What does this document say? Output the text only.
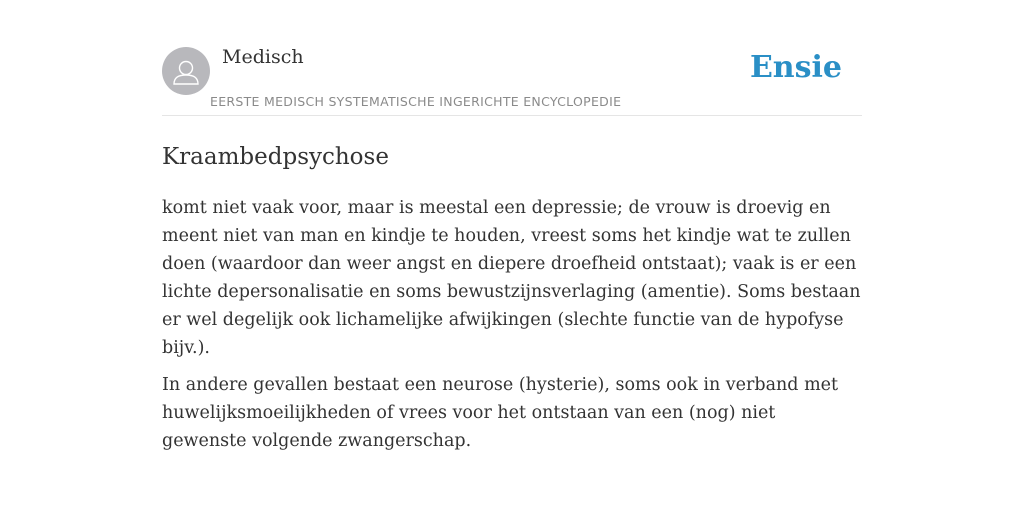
Medisch
EERSTE MEDISCH SYSTEMATISCHE INGERICHTE ENCYCLOPEDIE
Ensie
Kraambedpsychose

komt niet vaak voor, maar is meestal een depressie; de vrouw is droevig en meent niet van man en kindje te houden, vreest soms het kindje wat te zullen doen (waardoor dan weer angst en diepere droefheid ontstaat); vaak is er een lichte depersonalisatie en soms bewustzijnsverlaging (amentie). Soms bestaan er wel degelijk ook lichamelijke afwijkingen (slechte functie van de hypofyse bijv.).

In andere gevallen bestaat een neurose (hysterie), soms ook in verband met huwelijksmoeilijkheden of vrees voor het ontstaan van een (nog) niet gewenste volgende zwangerschap.
